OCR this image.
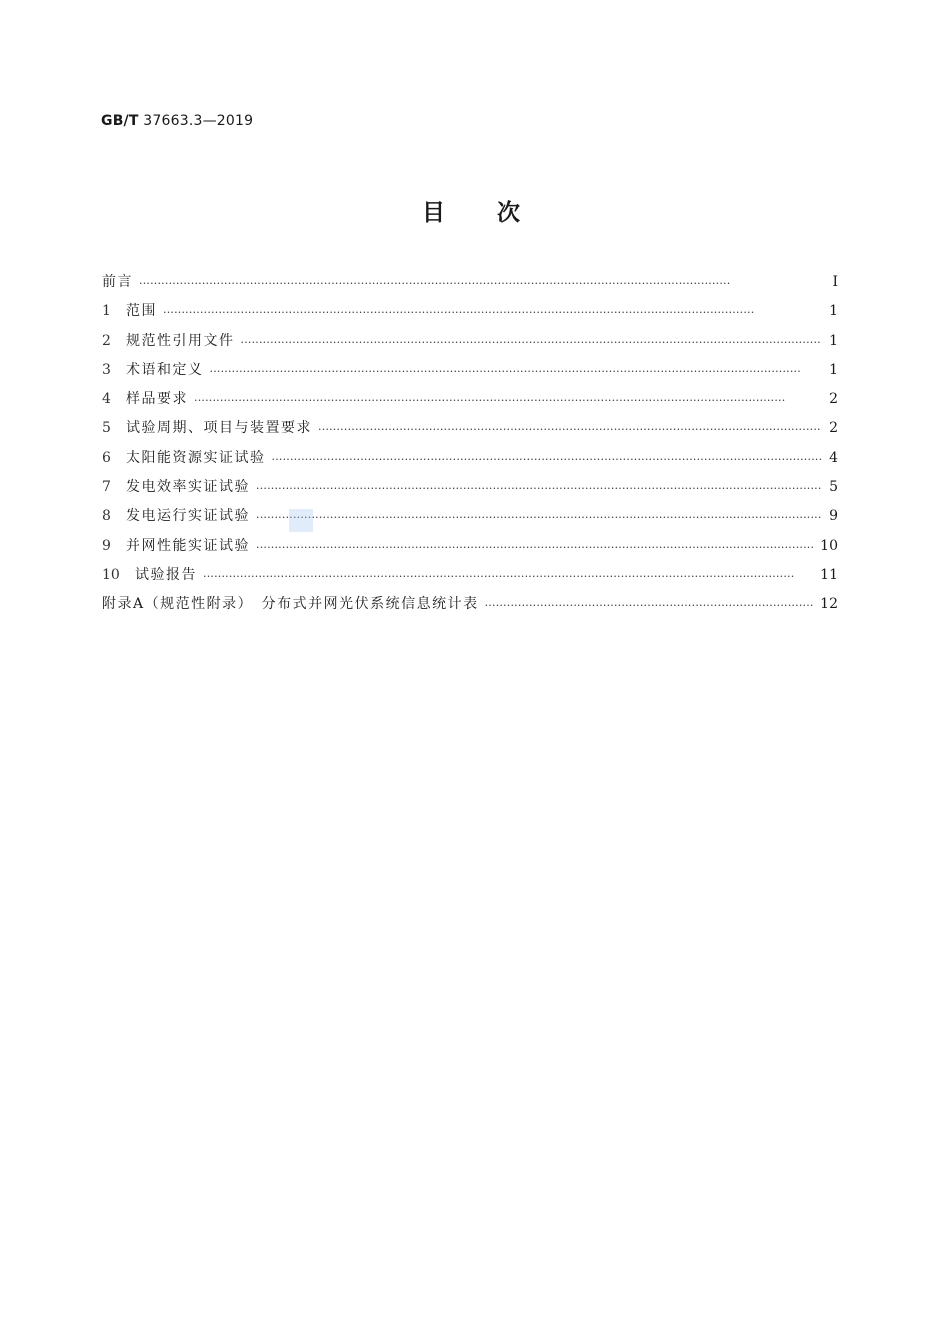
GB/T 37663.3—2019
目次
前言 ·····	Ⅰ
1	范围 ·····	1
2	规范性引用文件 ·····	1
3	术语和定义 ·····	1
4	样品要求 ·····	2
5	试验周期、项目与装置要求 ·····	2
6	太阳能资源实证试验 ·····	4
7	发电效率实证试验 ·····	5
8	发电运行实证试验 ·····	9
9	并网性能实证试验 ·····	10
10	试验报告 ·····	11
附录A（规范性附录）　分布式并网光伏系统信息统计表 ·····	12
